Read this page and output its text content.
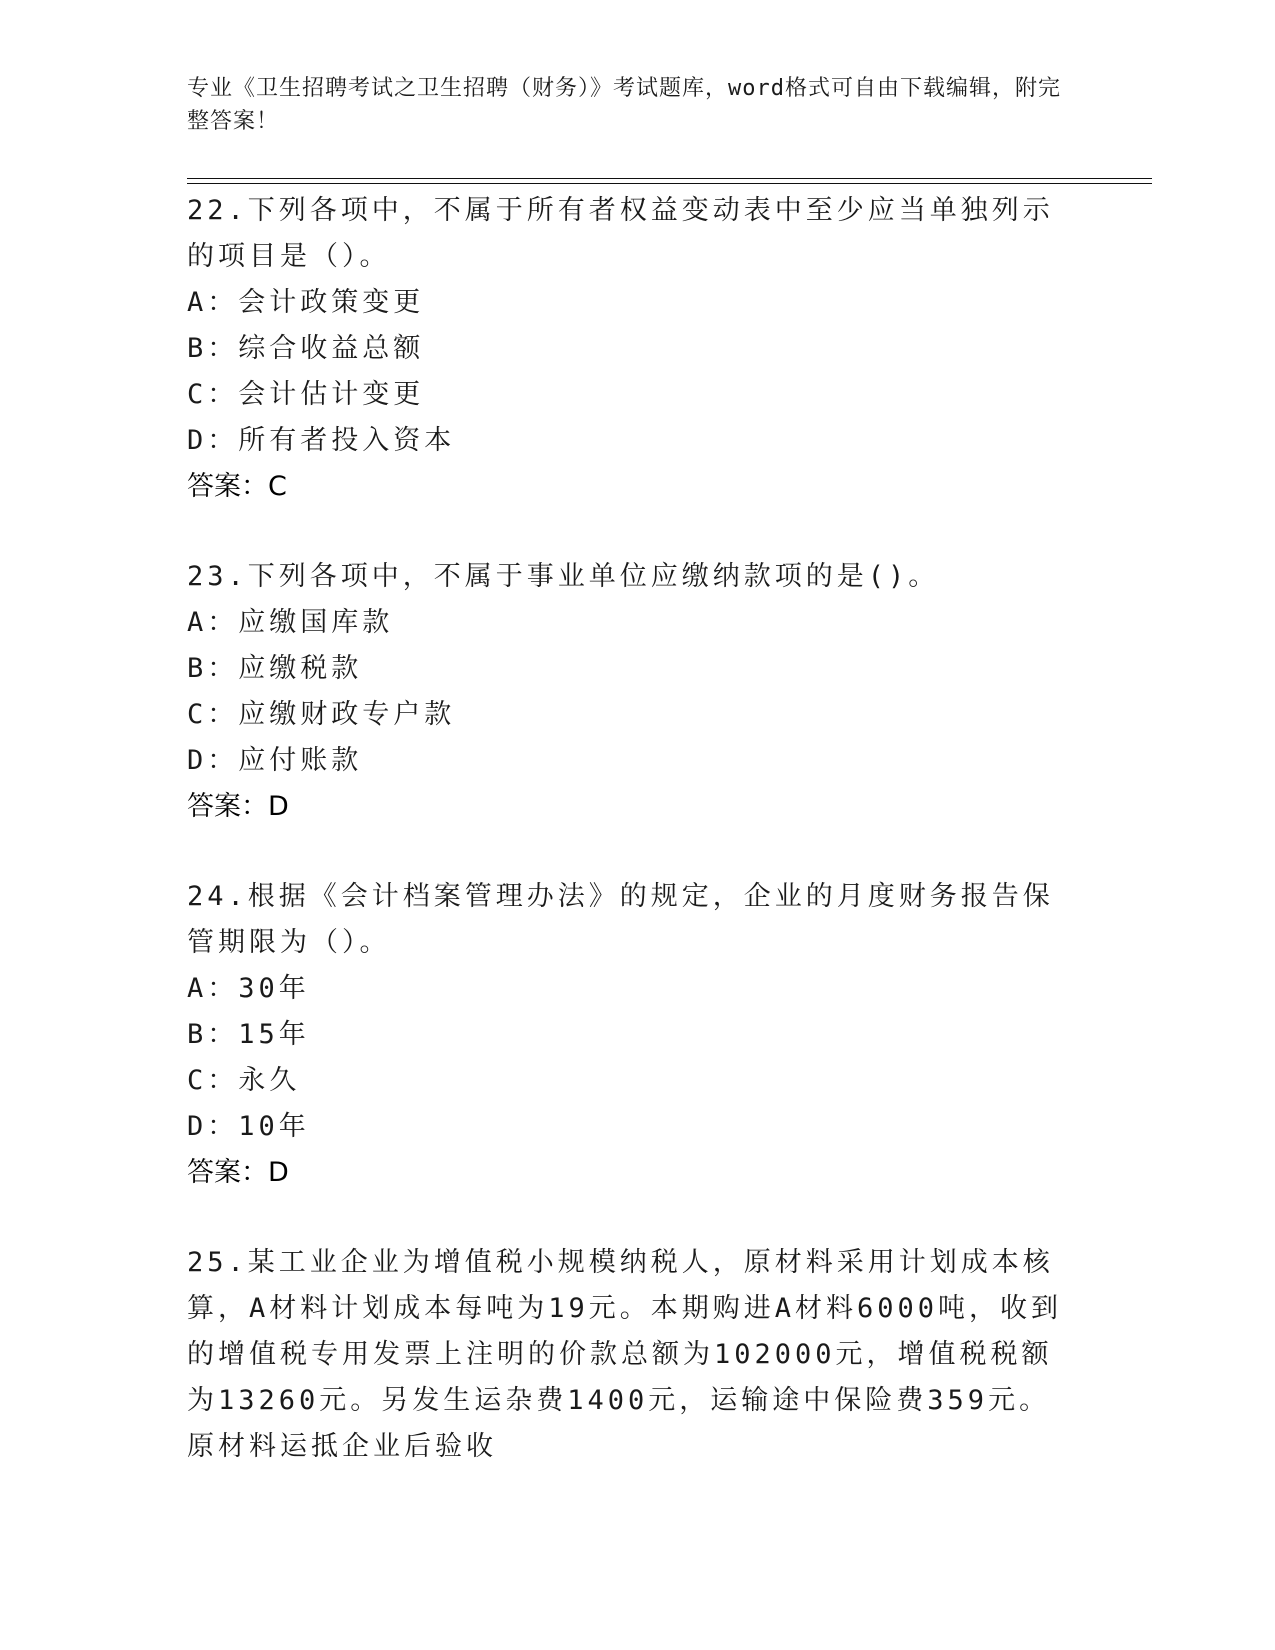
专业《卫生招聘考试之卫生招聘（财务）》考试题库，word格式可自由下载编辑，附完整答案！
22.下列各项中，不属于所有者权益变动表中至少应当单独列示的项目是（）。
A：会计政策变更
B：综合收益总额
C：会计估计变更
D：所有者投入资本
答案：C
23.下列各项中，不属于事业单位应缴纳款项的是()。
A：应缴国库款
B：应缴税款
C：应缴财政专户款
D：应付账款
答案：D
24.根据《会计档案管理办法》的规定，企业的月度财务报告保管期限为（）。
A：30年
B：15年
C：永久
D：10年
答案：D
25.某工业企业为增值税小规模纳税人，原材料采用计划成本核算，A材料计划成本每吨为19元。本期购进A材料6000吨，收到的增值税专用发票上注明的价款总额为102000元，增值税税额为13260元。另发生运杂费1400元，运输途中保险费359元。原材料运抵企业后验收
